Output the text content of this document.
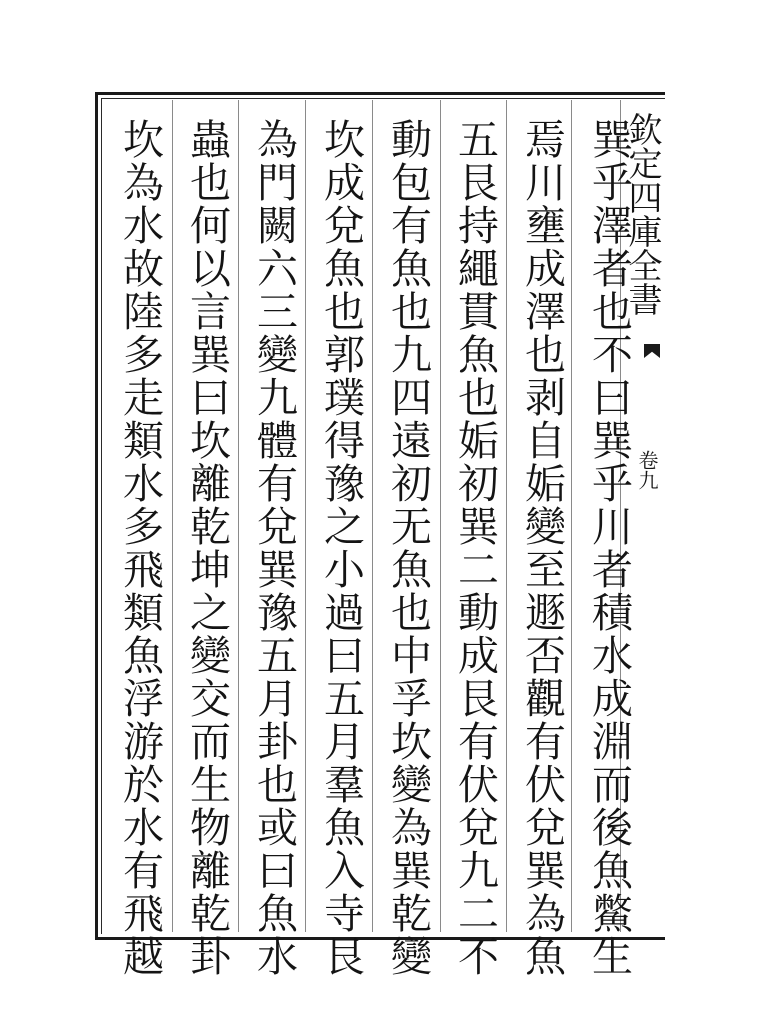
欽定四庫全書
卷九
巽乎澤者也不曰巽乎川者積水成淵而後魚鱉生
焉川壅成澤也剥自姤變至遯否觀有伏兌巽為魚
五艮持繩貫魚也姤初巽二動成艮有伏兌九二不
動包有魚也九四遠初无魚也中孚坎變為巽乾變
坎成兌魚也郭璞得豫之小過曰五月羣魚入寺艮
為門闕六三變九體有兌巽豫五月卦也或曰魚水
蟲也何以言巽曰坎離乾坤之變交而生物離乾卦
坎為水故陸多走類水多飛類魚浮游於水有飛越
